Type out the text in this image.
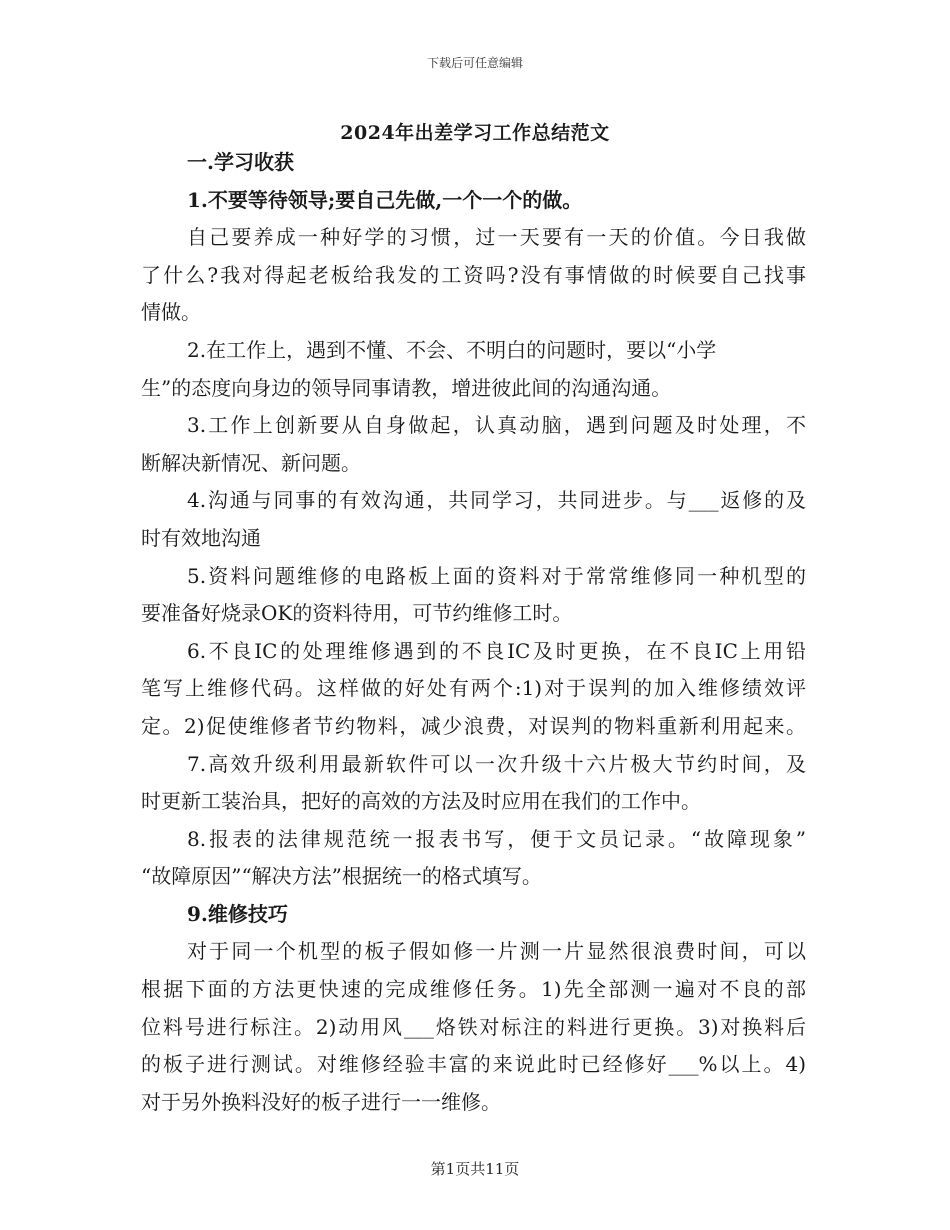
下载后可任意编辑
2024年出差学习工作总结范文
一.学习收获
1.不要等待领导;要自己先做,一个一个的做。
自己要养成一种好学的习惯，过一天要有一天的价值。今日我做
了什么?我对得起老板给我发的工资吗?没有事情做的时候要自己找事
情做。
2.在工作上，遇到不懂、不会、不明白的问题时，要以“小学
生”的态度向身边的领导同事请教，增进彼此间的沟通沟通。
3.工作上创新要从自身做起，认真动脑，遇到问题及时处理，不
断解决新情况、新问题。
4.沟通与同事的有效沟通，共同学习，共同进步。与___返修的及
时有效地沟通
5.资料问题维修的电路板上面的资料对于常常维修同一种机型的
要准备好烧录OK的资料待用，可节约维修工时。
6.不良IC的处理维修遇到的不良IC及时更换，在不良IC上用铅
笔写上维修代码。这样做的好处有两个:1)对于误判的加入维修绩效评
定。2)促使维修者节约物料，减少浪费，对误判的物料重新利用起来。
7.高效升级利用最新软件可以一次升级十六片极大节约时间，及
时更新工装治具，把好的高效的方法及时应用在我们的工作中。
8.报表的法律规范统一报表书写，便于文员记录。“故障现象”
“故障原因”“解决方法”根据统一的格式填写。
9.维修技巧
对于同一个机型的板子假如修一片测一片显然很浪费时间，可以
根据下面的方法更快速的完成维修任务。1)先全部测一遍对不良的部
位料号进行标注。2)动用风___烙铁对标注的料进行更换。3)对换料后
的板子进行测试。对维修经验丰富的来说此时已经修好___%以上。4)
对于另外换料没好的板子进行一一维修。
第1页共11页
